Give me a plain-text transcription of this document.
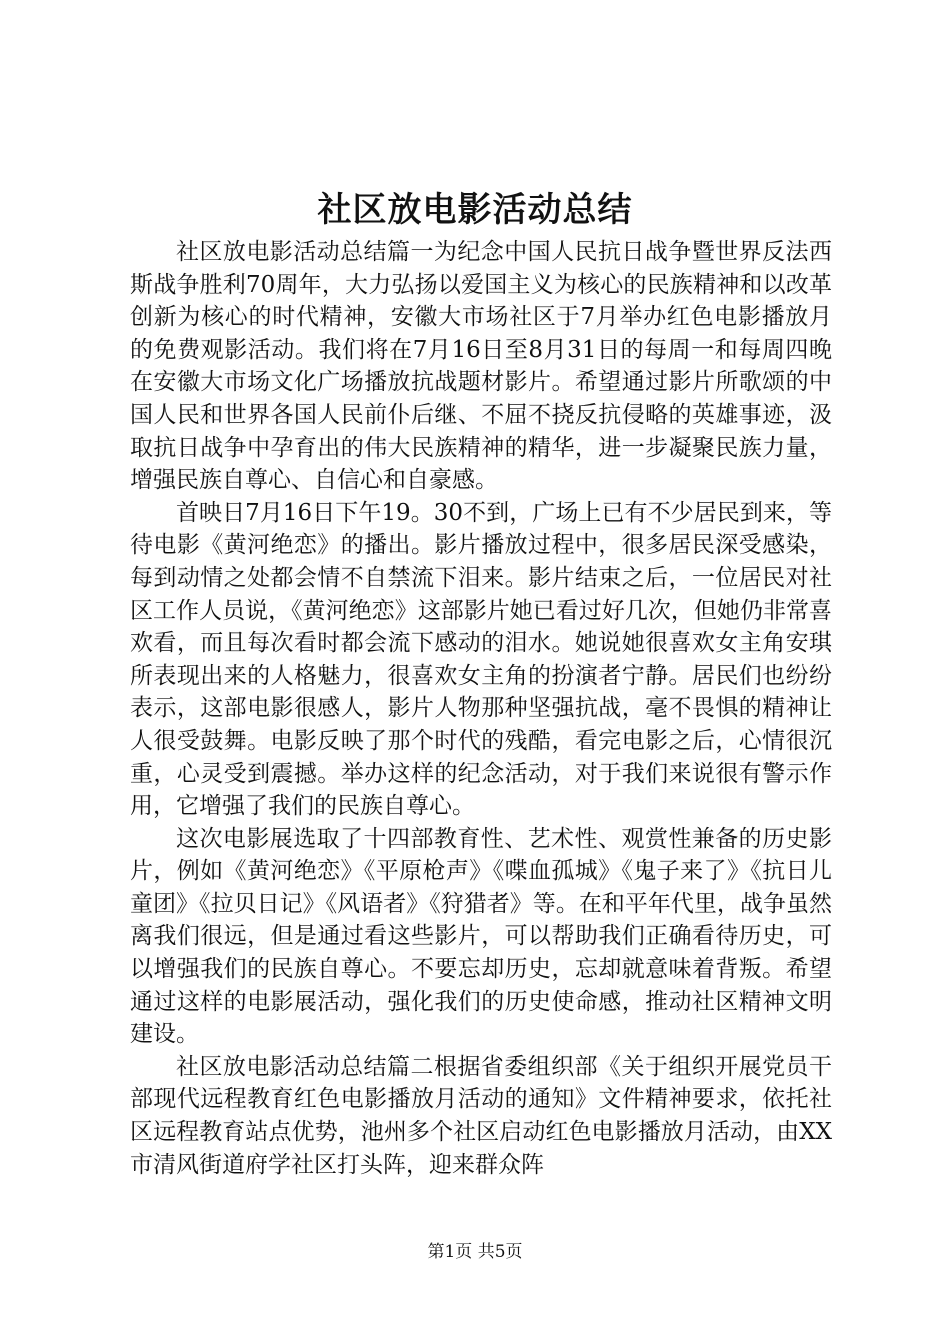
社区放电影活动总结

社区放电影活动总结篇一为纪念中国人民抗日战争暨世界反法西斯战争胜利70周年，大力弘扬以爱国主义为核心的民族精神和以改革创新为核心的时代精神，安徽大市场社区于7月举办红色电影播放月的免费观影活动。我们将在7月16日至8月31日的每周一和每周四晚在安徽大市场文化广场播放抗战题材影片。希望通过影片所歌颂的中国人民和世界各国人民前仆后继、不屈不挠反抗侵略的英雄事迹，汲取抗日战争中孕育出的伟大民族精神的精华，进一步凝聚民族力量，增强民族自尊心、自信心和自豪感。

首映日7月16日下午19。30不到，广场上已有不少居民到来，等待电影《黄河绝恋》的播出。影片播放过程中，很多居民深受感染，每到动情之处都会情不自禁流下泪来。影片结束之后，一位居民对社区工作人员说，《黄河绝恋》这部影片她已看过好几次，但她仍非常喜欢看，而且每次看时都会流下感动的泪水。她说她很喜欢女主角安琪所表现出来的人格魅力，很喜欢女主角的扮演者宁静。居民们也纷纷表示，这部电影很感人，影片人物那种坚强抗战，毫不畏惧的精神让人很受鼓舞。电影反映了那个时代的残酷，看完电影之后，心情很沉重，心灵受到震撼。举办这样的纪念活动，对于我们来说很有警示作用，它增强了我们的民族自尊心。

这次电影展选取了十四部教育性、艺术性、观赏性兼备的历史影片，例如《黄河绝恋》《平原枪声》《喋血孤城》《鬼子来了》《抗日儿童团》《拉贝日记》《风语者》《狩猎者》等。在和平年代里，战争虽然离我们很远，但是通过看这些影片，可以帮助我们正确看待历史，可以增强我们的民族自尊心。不要忘却历史，忘却就意味着背叛。希望通过这样的电影展活动，强化我们的历史使命感，推动社区精神文明建设。

社区放电影活动总结篇二根据省委组织部《关于组织开展党员干部现代远程教育红色电影播放月活动的通知》文件精神要求，依托社区远程教育站点优势，池州多个社区启动红色电影播放月活动，由XX市清风街道府学社区打头阵，迎来群众阵

第1页 共5页
